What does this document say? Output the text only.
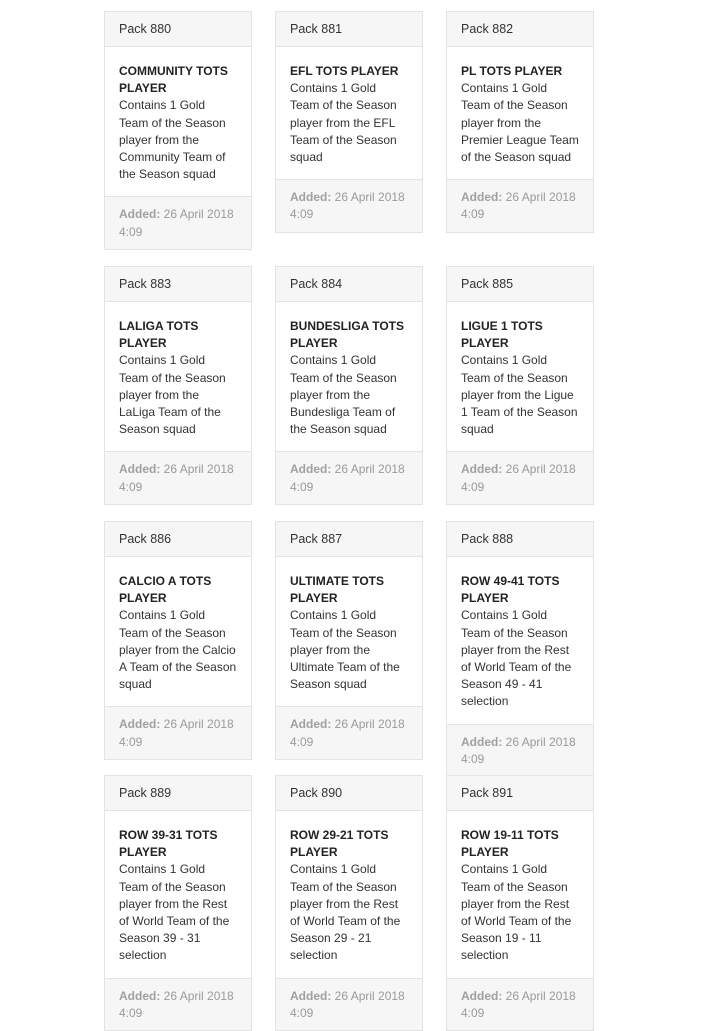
Pack 880
COMMUNITY TOTS PLAYER
Contains 1 Gold Team of the Season player from the Community Team of the Season squad
Added: 26 April 2018 4:09
Pack 881
EFL TOTS PLAYER
Contains 1 Gold Team of the Season player from the EFL Team of the Season squad
Added: 26 April 2018 4:09
Pack 882
PL TOTS PLAYER
Contains 1 Gold Team of the Season player from the Premier League Team of the Season squad
Added: 26 April 2018 4:09
Pack 883
LALIGA TOTS PLAYER
Contains 1 Gold Team of the Season player from the LaLiga Team of the Season squad
Added: 26 April 2018 4:09
Pack 884
BUNDESLIGA TOTS PLAYER
Contains 1 Gold Team of the Season player from the Bundesliga Team of the Season squad
Added: 26 April 2018 4:09
Pack 885
LIGUE 1 TOTS PLAYER
Contains 1 Gold Team of the Season player from the Ligue 1 Team of the Season squad
Added: 26 April 2018 4:09
Pack 886
CALCIO A TOTS PLAYER
Contains 1 Gold Team of the Season player from the Calcio A Team of the Season squad
Added: 26 April 2018 4:09
Pack 887
ULTIMATE TOTS PLAYER
Contains 1 Gold Team of the Season player from the Ultimate Team of the Season squad
Added: 26 April 2018 4:09
Pack 888
ROW 49-41 TOTS PLAYER
Contains 1 Gold Team of the Season player from the Rest of World Team of the Season 49 - 41 selection
Added: 26 April 2018 4:09
Pack 889
ROW 39-31 TOTS PLAYER
Contains 1 Gold Team of the Season player from the Rest of World Team of the Season 39 - 31 selection
Added: 26 April 2018 4:09
Pack 890
ROW 29-21 TOTS PLAYER
Contains 1 Gold Team of the Season player from the Rest of World Team of the Season 29 - 21 selection
Added: 26 April 2018 4:09
Pack 891
ROW 19-11 TOTS PLAYER
Contains 1 Gold Team of the Season player from the Rest of World Team of the Season 19 - 11 selection
Added: 26 April 2018 4:09
